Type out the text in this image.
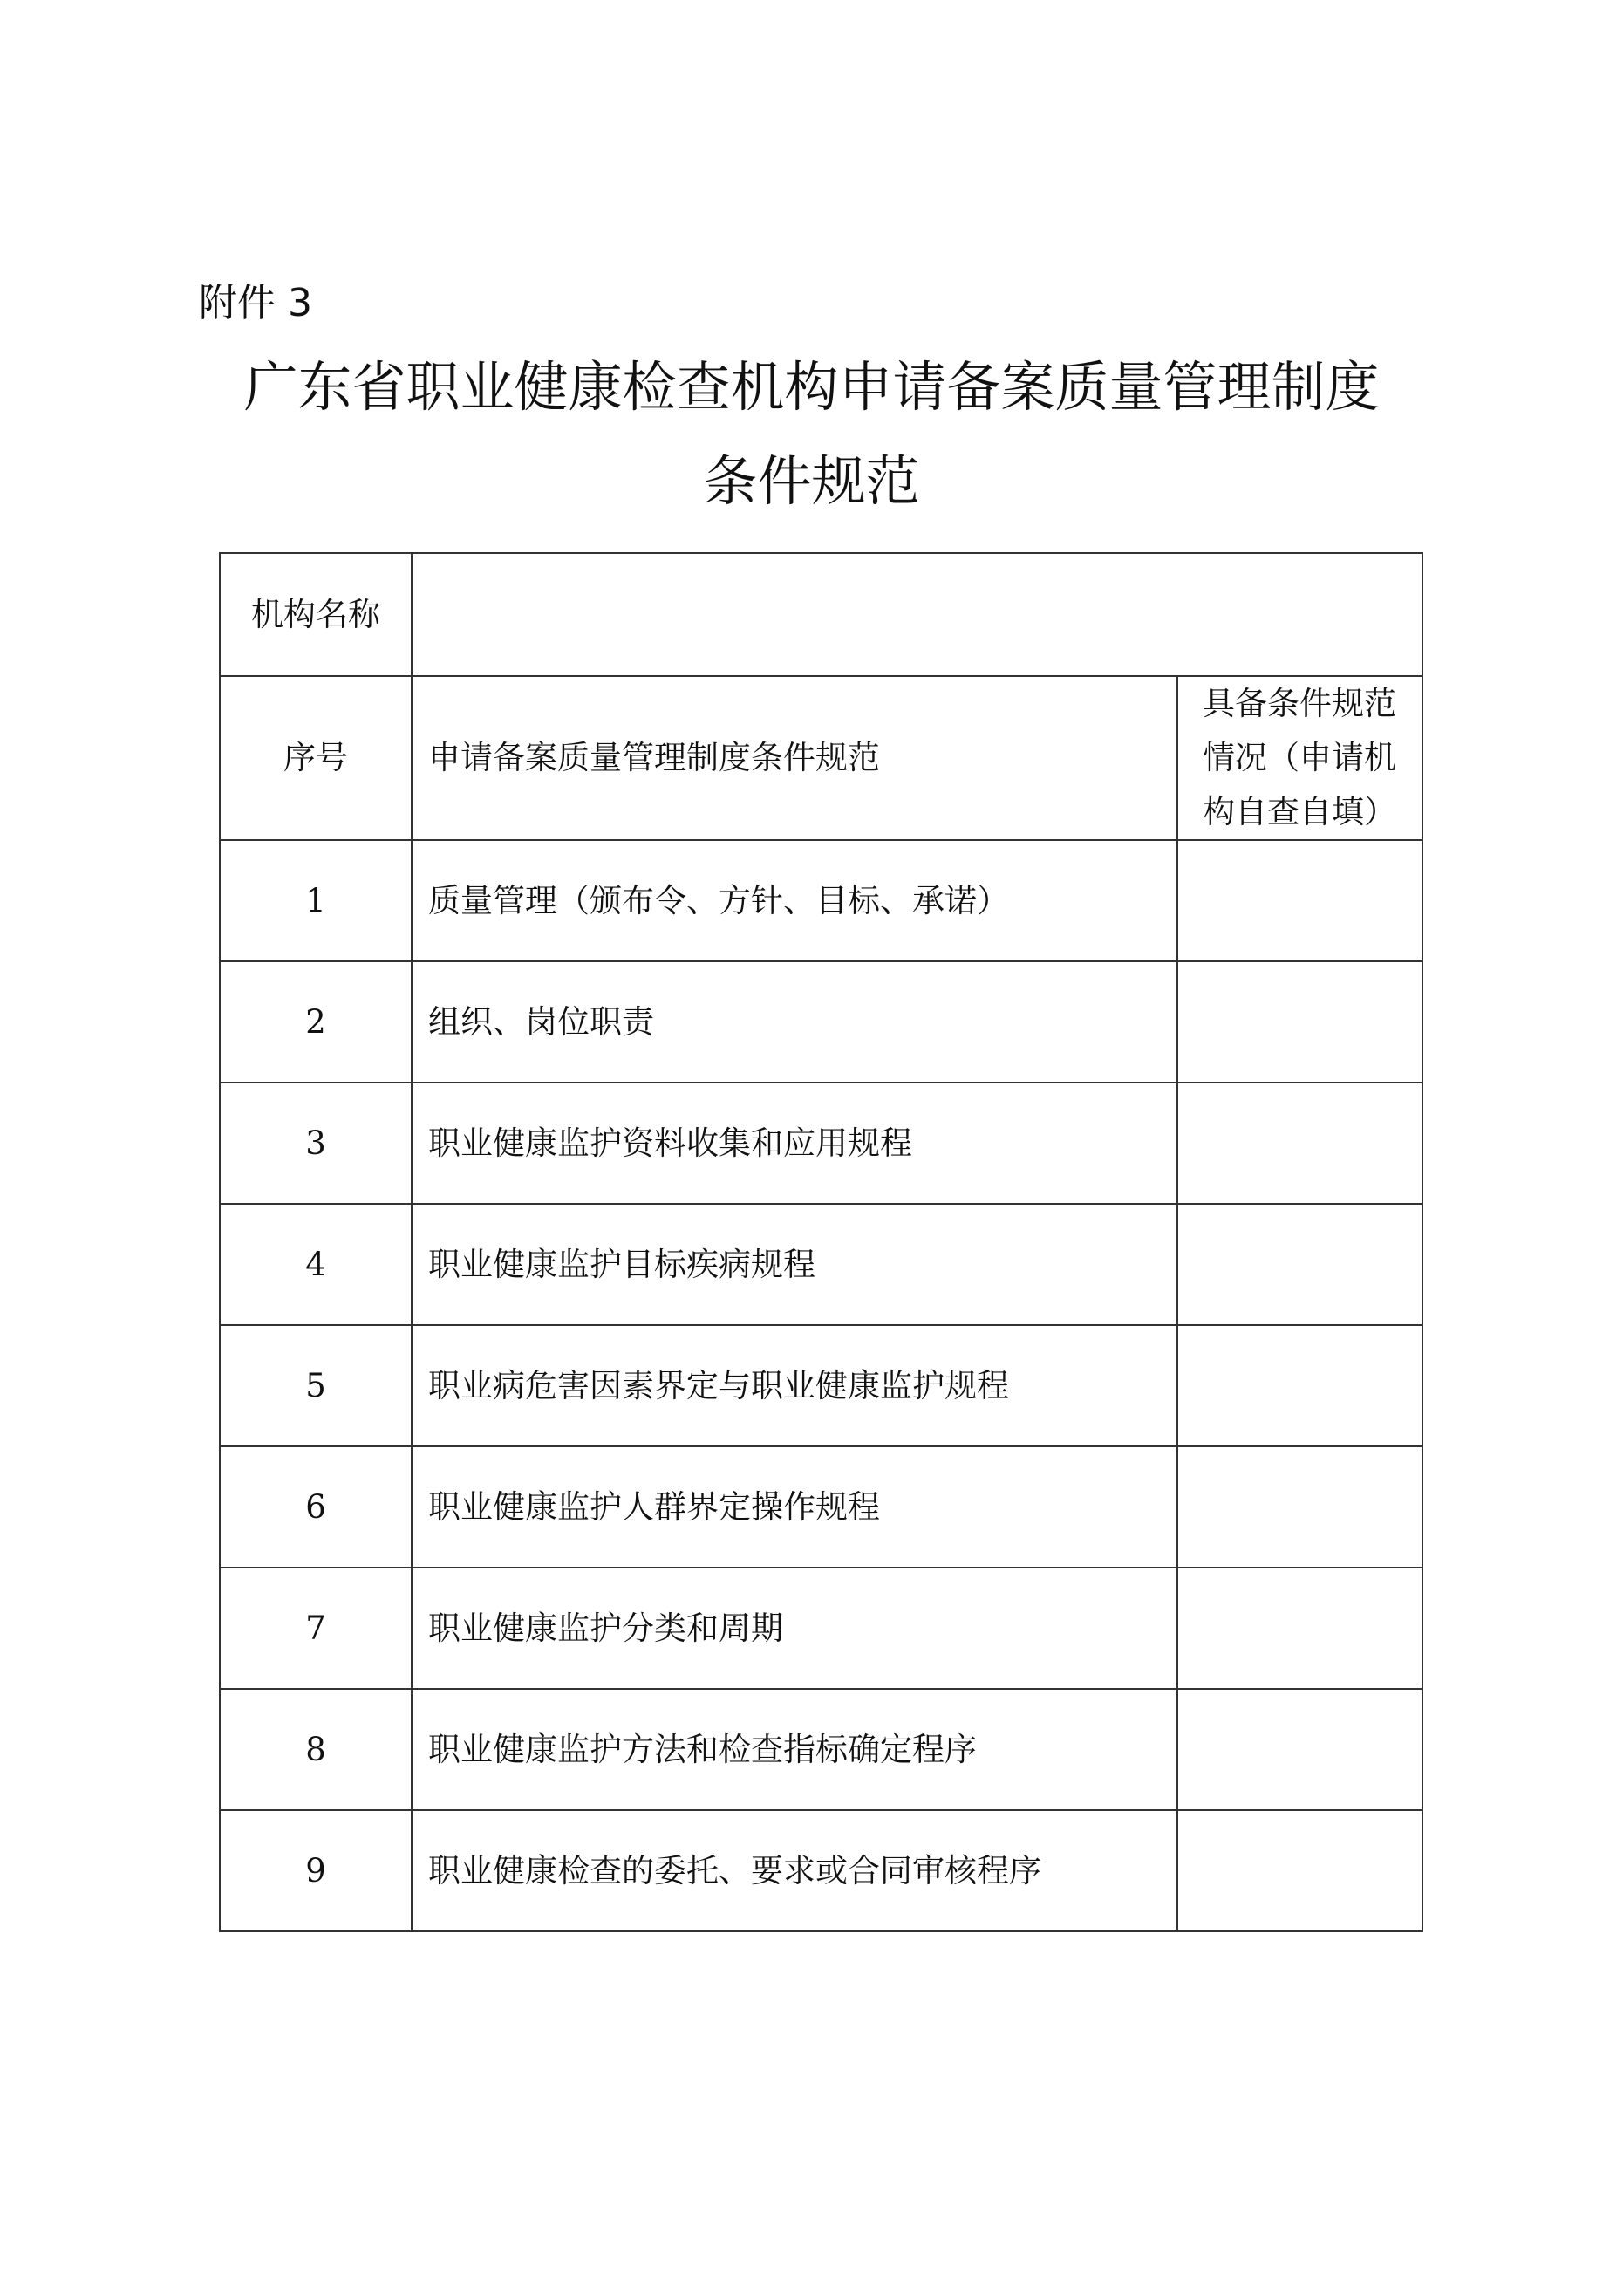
附件 3
广东省职业健康检查机构申请备案质量管理制度
条件规范
机构名称		
序号	申请备案质量管理制度条件规范	具备条件规范
情况（申请机
构自查自填）

1	质量管理（颁布令、方针、目标、承诺）	
2	组织、岗位职责	
3	职业健康监护资料收集和应用规程	
4	职业健康监护目标疾病规程	
5	职业病危害因素界定与职业健康监护规程	
6	职业健康监护人群界定操作规程	
7	职业健康监护分类和周期	
8	职业健康监护方法和检查指标确定程序	
9	职业健康检查的委托、要求或合同审核程序	
